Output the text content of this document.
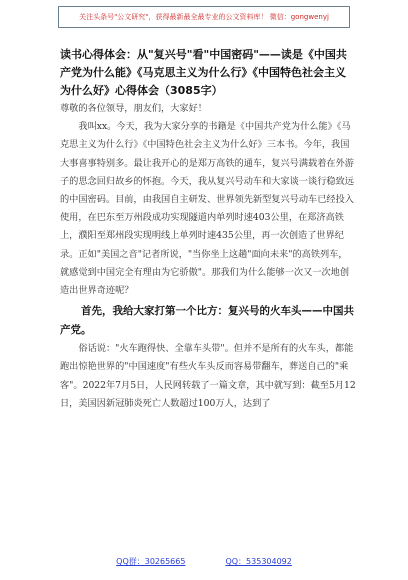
关注头条号"公文研究"，获得最新最全最专业的公文资料库！ 微信：gongwenyj

读书心得体会：从"复兴号"看"中国密码"——读是《中国共产党为什么能》《马克思主义为什么行》《中国特色社会主义为什么好》心得体会（3085字）

尊敬的各位领导，朋友们，大家好！

我叫xx。今天，我为大家分享的书籍是《中国共产党为什么能》《马克思主义为什么行》《中国特色社会主义为什么好》三本书。今年，我国大事喜事特别多。最让我开心的是郑万高铁的通车，复兴号满载着在外游子的思念回归故乡的怀抱。今天，我从复兴号动车和大家谈一谈行稳致远的中国密码。目前，由我国自主研发、世界领先新型复兴号动车已经投入使用，在巴东至万州段成功实现隧道内单列时速403公里，在郑济高铁上，濮阳至郑州段实现明线上单列时速435公里，再一次创造了世界纪录。正如"美国之音"记者所说，"当你坐上这趟"面向未来"的高铁列车，就感觉到中国完全有理由为它骄傲"。那我们为什么能够一次又一次地创造出世界奇迹呢？

首先，我给大家打第一个比方：复兴号的火车头——中国共产党。

俗话说："火车跑得快、全靠车头带"。但并不是所有的火车头，都能跑出惊艳世界的"中国速度"有些火车头反而容易带翻车，葬送自己的"乘客"。2022年7月5日，人民网转载了一篇文章，其中就写到：截至5月12日，美国因新冠肺炎死亡人数超过100万人，达到了

QQ群：30265665	QQ：535304092
